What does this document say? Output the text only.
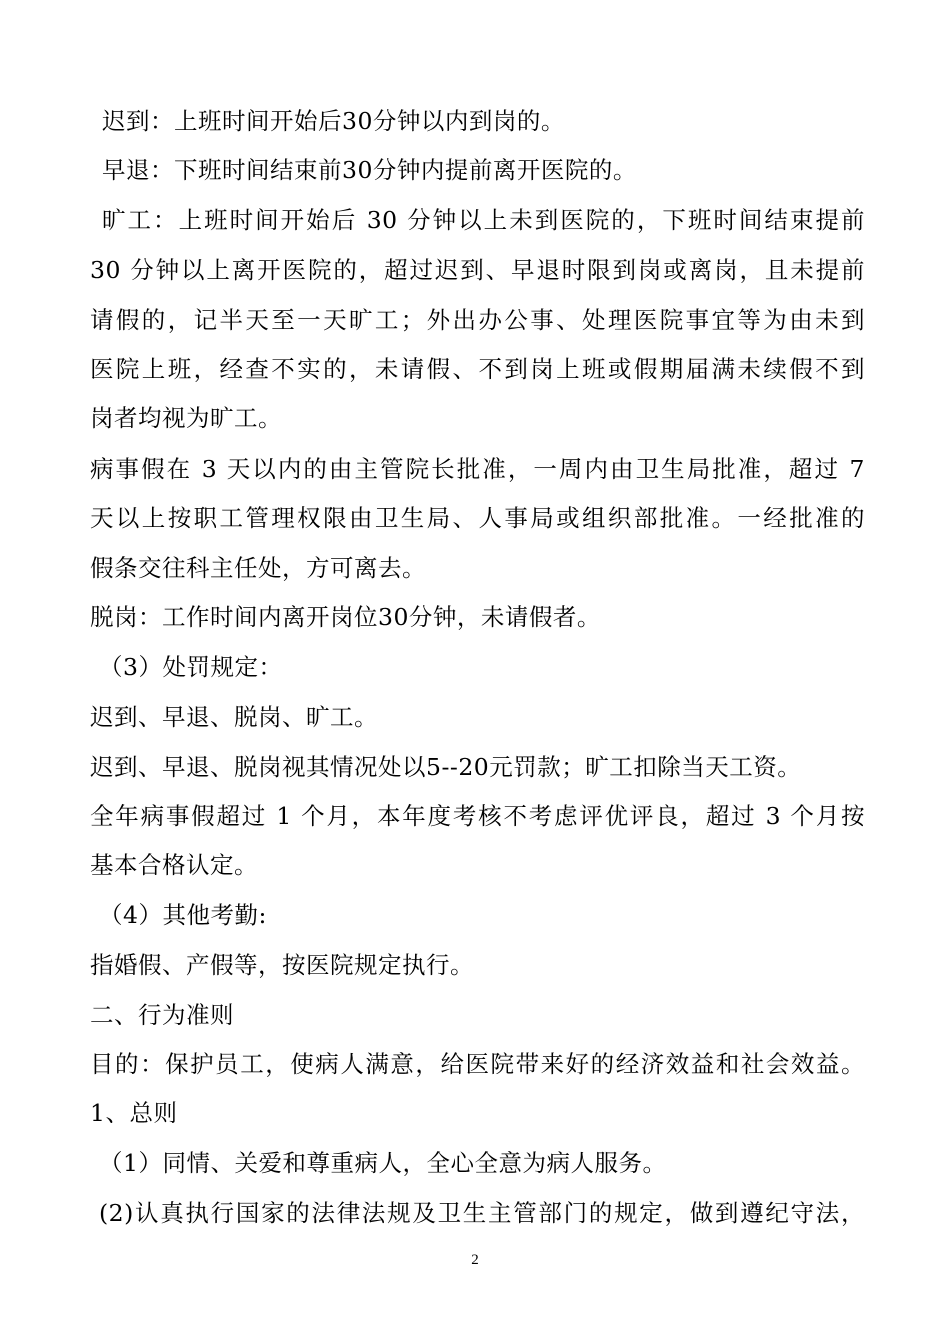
迟到：上班时间开始后30分钟以内到岗的。
早退：下班时间结束前30分钟内提前离开医院的。
旷工：上班时间开始后 30 分钟以上未到医院的，下班时间结束提前
30 分钟以上离开医院的，超过迟到、早退时限到岗或离岗，且未提前
请假的，记半天至一天旷工；外出办公事、处理医院事宜等为由未到
医院上班，经查不实的，未请假、不到岗上班或假期届满未续假不到
岗者均视为旷工。
病事假在 3 天以内的由主管院长批准，一周内由卫生局批准，超过 7
天以上按职工管理权限由卫生局、人事局或组织部批准。一经批准的
假条交往科主任处，方可离去。
脱岗：工作时间内离开岗位30分钟，未请假者。
（3）处罚规定：
迟到、早退、脱岗、旷工。
迟到、早退、脱岗视其情况处以5--20元罚款；旷工扣除当天工资。
全年病事假超过 1 个月，本年度考核不考虑评优评良，超过 3 个月按
基本合格认定。
（4）其他考勤:
指婚假、产假等，按医院规定执行。
二、行为准则
目的：保护员工，使病人满意，给医院带来好的经济效益和社会效益。
1、总则
（1）同情、关爱和尊重病人，全心全意为病人服务。
(2)认真执行国家的法律法规及卫生主管部门的规定，做到遵纪守法，
2
